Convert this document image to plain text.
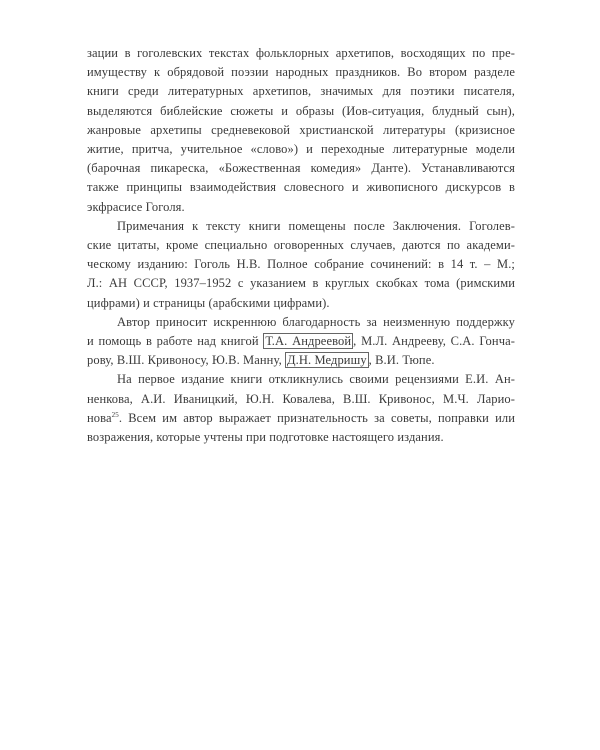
зации в гоголевских текстах фольклорных архетипов, восходящих по пре-
имуществу к обрядовой поэзии народных праздников. Во втором разделе
книги среди литературных архетипов, значимых для поэтики писателя,
выделяются библейские сюжеты и образы (Иов-ситуация, блудный сын),
жанровые архетипы средневековой христианской литературы (кризисное
житие, притча, учительное «слово») и переходные литературные модели
(барочная пикареска, «Божественная комедия» Данте). Устанавливаются
также принципы взаимодействия словесного и живописного дискурсов в
экфрасисе Гоголя.
Примечания к тексту книги помещены после Заключения. Гоголев-
ские цитаты, кроме специально оговоренных случаев, даются по академи-
ческому изданию: Гоголь Н.В. Полное собрание сочинений: в 14 т. – М.;
Л.: АН СССР, 1937–1952 с указанием в круглых скобках тома (римскими
цифрами) и страницы (арабскими цифрами).
Автор приносит искреннюю благодарность за неизменную поддержку
и помощь в работе над книгой Т.А. Андреевой , М.Л. Андрееву, С.А. Гонча-
рову, В.Ш. Кривоносу, Ю.В. Манну, Д.Н. Медришу , В.И. Тюпе.
На первое издание книги откликнулись своими рецензиями Е.И. Ан-
ненкова, А.И. Иваницкий, Ю.Н. Ковалева, В.Ш. Кривонос, М.Ч. Ларио-
нова$^{25}$. Всем им автор выражает признательность за советы, поправки или
возражения, которые учтены при подготовке настоящего издания.
